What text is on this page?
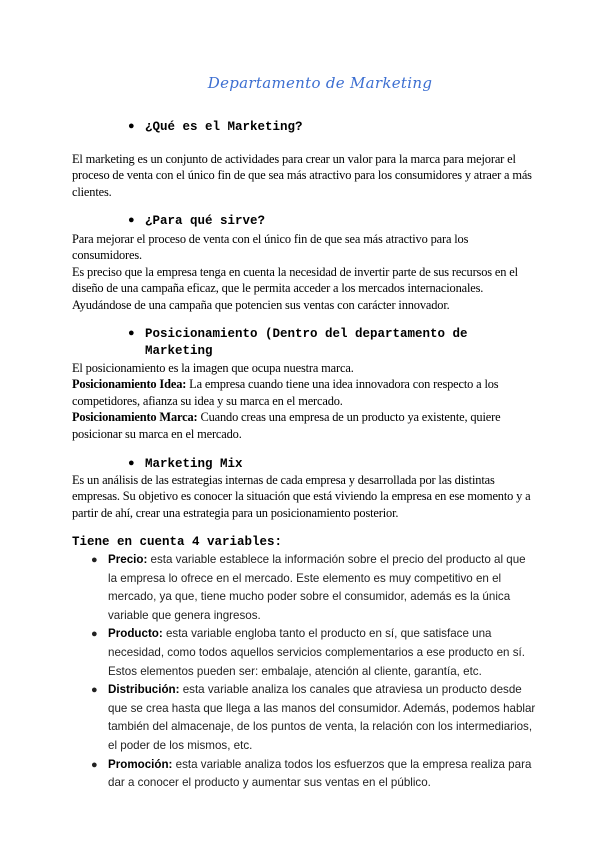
Departamento de Marketing
● ¿Qué es el Marketing?

El marketing es un conjunto de actividades para crear un valor para la marca para mejorar el proceso de venta con el único fin de que sea más atractivo para los consumidores y atraer a más clientes.

● ¿Para qué sirve?

Para mejorar el proceso de venta con el único fin de que sea más atractivo para los consumidores.

Es preciso que la empresa tenga en cuenta la necesidad de invertir parte de sus recursos en el diseño de una campaña eficaz, que le permita acceder a los mercados internacionales. Ayudándose de una campaña que potencien sus ventas con carácter innovador.

● Posicionamiento (Dentro del departamento de
Marketing

El posicionamiento es la imagen que ocupa nuestra marca.

Posicionamiento Idea: La empresa cuando tiene una idea innovadora con respecto a los competidores, afianza su idea y su marca en el mercado.

Posicionamiento Marca: Cuando creas una empresa de un producto ya existente, quiere posicionar su marca en el mercado.

● Marketing Mix

Es un análisis de las estrategias internas de cada empresa y desarrollada por las distintas empresas. Su objetivo es conocer la situación que está viviendo la empresa en ese momento y a partir de ahí, crear una estrategia para un posicionamiento posterior.

Tiene en cuenta 4 variables:
● Precio: esta variable establece la información sobre el precio del producto al que la empresa lo ofrece en el mercado. Este elemento es muy competitivo en el mercado, ya que, tiene mucho poder sobre el consumidor, además es la única variable que genera ingresos.
● Producto: esta variable engloba tanto el producto en sí, que satisface una necesidad, como todos aquellos servicios complementarios a ese producto en sí. Estos elementos pueden ser: embalaje, atención al cliente, garantía, etc.
● Distribución: esta variable analiza los canales que atraviesa un producto desde que se crea hasta que llega a las manos del consumidor. Además, podemos hablar también del almacenaje, de los puntos de venta, la relación con los intermediarios, el poder de los mismos, etc.
● Promoción: esta variable analiza todos los esfuerzos que la empresa realiza para dar a conocer el producto y aumentar sus ventas en el público.
